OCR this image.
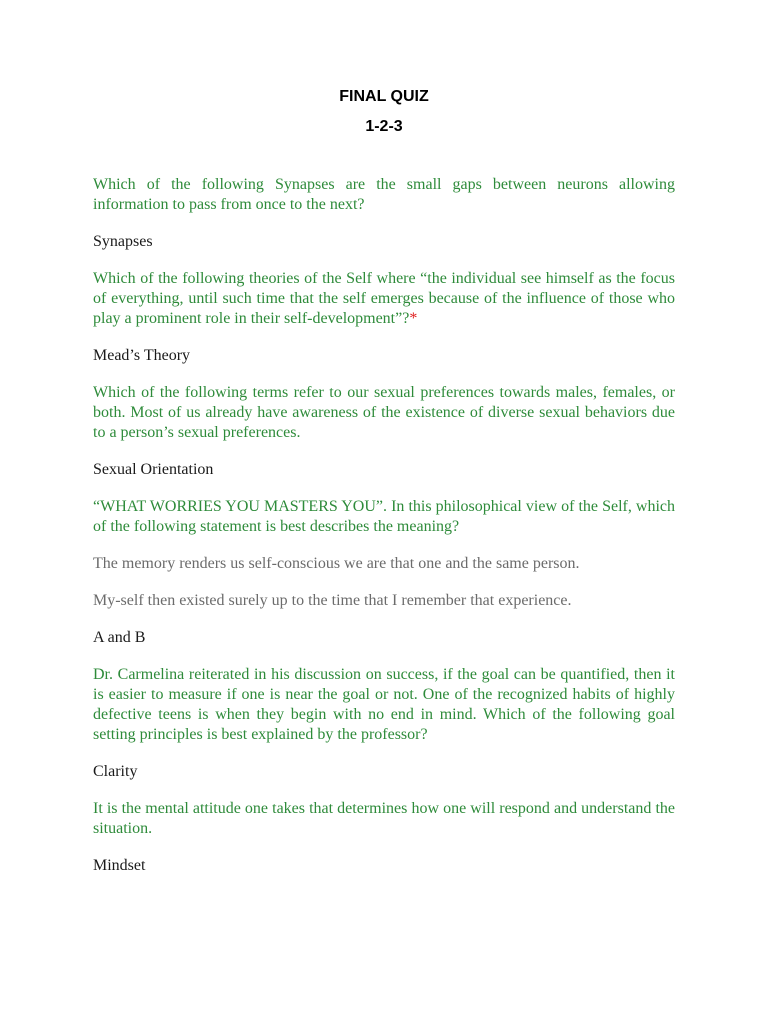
FINAL QUIZ
1-2-3

Which of the following Synapses are the small gaps between neurons allowing information to pass from once to the next?

Synapses

Which of the following theories of the Self where “the individual see himself as the focus of everything, until such time that the self emerges because of the influence of those who play a prominent role in their self-development”?*

Mead’s Theory

Which of the following terms refer to our sexual preferences towards males, females, or both. Most of us already have awareness of the existence of diverse sexual behaviors due to a person’s sexual preferences.

Sexual Orientation

“WHAT WORRIES YOU MASTERS YOU”. In this philosophical view of the Self, which of the following statement is best describes the meaning?

The memory renders us self-conscious we are that one and the same person.

My-self then existed surely up to the time that I remember that experience.

A and B

Dr. Carmelina reiterated in his discussion on success, if the goal can be quantified, then it is easier to measure if one is near the goal or not. One of the recognized habits of highly defective teens is when they begin with no end in mind. Which of the following goal setting principles is best explained by the professor?

Clarity

It is the mental attitude one takes that determines how one will respond and understand the situation.

Mindset
